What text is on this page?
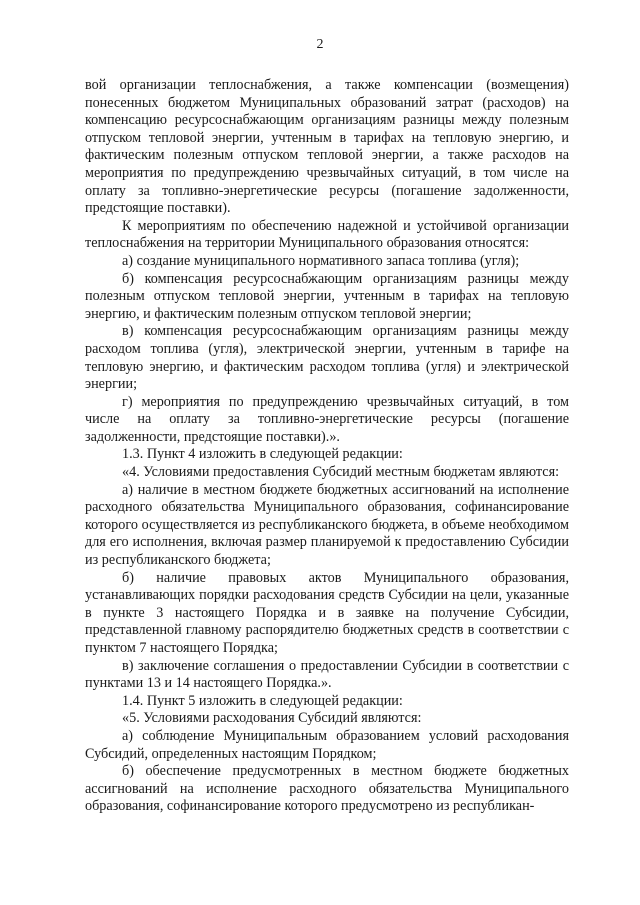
2

вой организации теплоснабжения, а также компенсации (возмещения) понесенных бюджетом Муниципальных образований затрат (расходов) на компенсацию ресурсоснабжающим организациям разницы между полезным отпуском тепловой энергии, учтенным в тарифах на тепловую энергию, и фактическим полезным отпуском тепловой энергии, а также расходов на мероприятия по предупреждению чрезвычайных ситуаций, в том числе на оплату за топливно-энергетические ресурсы (погашение задолженности, предстоящие поставки).

К мероприятиям по обеспечению надежной и устойчивой организации теплоснабжения на территории Муниципального образования относятся:

а) создание муниципального нормативного запаса топлива (угля);

б) компенсация ресурсоснабжающим организациям разницы между полезным отпуском тепловой энергии, учтенным в тарифах на тепловую энергию, и фактическим полезным отпуском тепловой энергии;

в) компенсация ресурсоснабжающим организациям разницы между расходом топлива (угля), электрической энергии, учтенным в тарифе на тепловую энергию, и фактическим расходом топлива (угля) и электрической энергии;

г) мероприятия по предупреждению чрезвычайных ситуаций, в том числе на оплату за топливно-энергетические ресурсы (погашение задолженности, предстоящие поставки).».

1.3. Пункт 4 изложить в следующей редакции:

«4. Условиями предоставления Субсидий местным бюджетам являются:

а) наличие в местном бюджете бюджетных ассигнований на исполнение расходного обязательства Муниципального образования, софинансирование которого осуществляется из республиканского бюджета, в объеме необходимом для его исполнения, включая размер планируемой к предоставлению Субсидии из республиканского бюджета;

б) наличие правовых актов Муниципального образования, устанавливающих порядки расходования средств Субсидии на цели, указанные в пункте 3 настоящего Порядка и в заявке на получение Субсидии, представленной главному распорядителю бюджетных средств в соответствии с пунктом 7 настоящего Порядка;

в) заключение соглашения о предоставлении Субсидии в соответствии с пунктами 13 и 14 настоящего Порядка.».

1.4. Пункт 5 изложить в следующей редакции:

«5. Условиями расходования Субсидий являются:

а) соблюдение Муниципальным образованием условий расходования Субсидий, определенных настоящим Порядком;

б) обеспечение предусмотренных в местном бюджете бюджетных ассигнований на исполнение расходного обязательства Муниципального образования, софинансирование которого предусмотрено из республикан-
